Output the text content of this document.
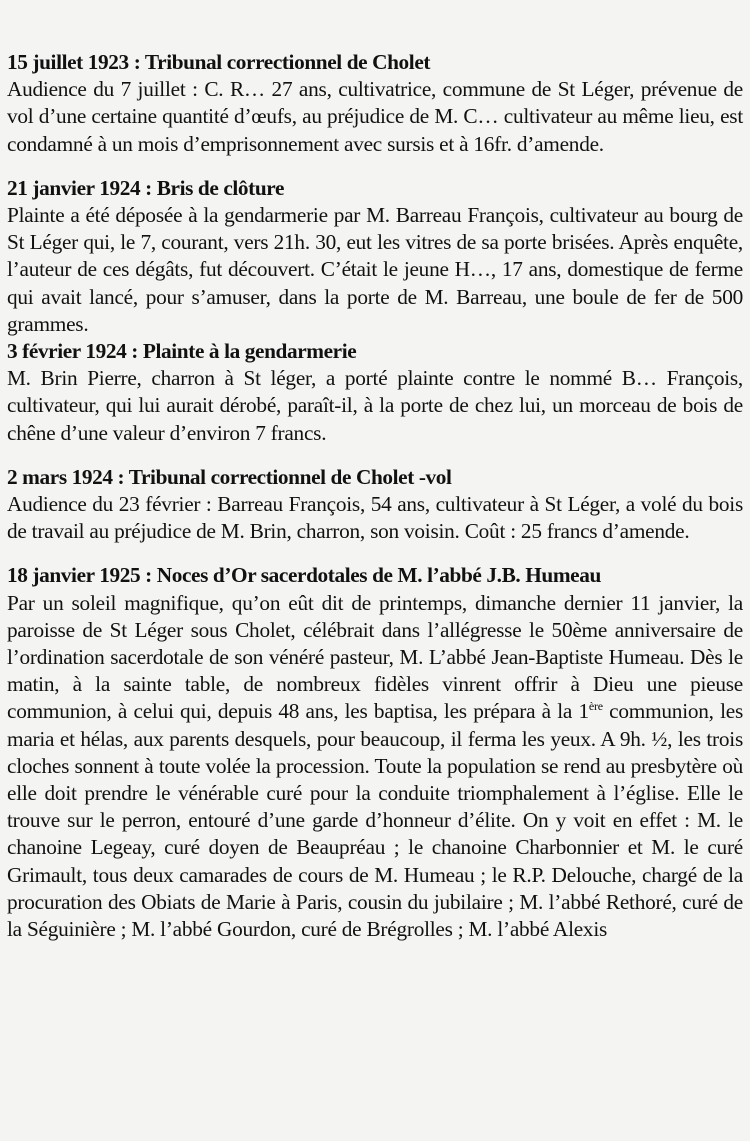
15 juillet 1923 : Tribunal correctionnel de Cholet

Audience du 7 juillet : C. R… 27 ans, cultivatrice, commune de St Léger, prévenue de vol d’une certaine quantité d’œufs, au préjudice de M. C… cultivateur au même lieu, est condamné à un mois d’emprisonnement avec sursis et à 16fr. d’amende.

21 janvier 1924 : Bris de clôture

Plainte a été déposée à la gendarmerie par M. Barreau François, cultivateur au bourg de St Léger qui, le 7, courant, vers 21h. 30, eut les vitres de sa porte brisées. Après enquête, l’auteur de ces dégâts, fut découvert. C’était le jeune H…, 17 ans, domestique de ferme qui avait lancé, pour s’amuser, dans la porte de M. Barreau, une boule de fer de 500 grammes.

3 février 1924 : Plainte à la gendarmerie

M. Brin Pierre, charron à St léger, a porté plainte contre le nommé B… François, cultivateur, qui lui aurait dérobé, paraît-il, à la porte de chez lui, un morceau de bois de chêne d’une valeur d’environ 7 francs.

2 mars 1924 : Tribunal correctionnel de Cholet -vol

Audience du 23 février : Barreau François, 54 ans, cultivateur à St Léger, a volé du bois de travail au préjudice de M. Brin, charron, son voisin. Coût : 25 francs d’amende.

18 janvier 1925 : Noces d’Or sacerdotales de M. l’abbé J.B. Humeau

Par un soleil magnifique, qu’on eût dit de printemps, dimanche dernier 11 janvier, la paroisse de St Léger sous Cholet, célébrait dans l’allégresse le 50ème anniversaire de l’ordination sacerdotale de son vénéré pasteur, M. L’abbé Jean-Baptiste Humeau. Dès le matin, à la sainte table, de nombreux fidèles vinrent offrir à Dieu une pieuse communion, à celui qui, depuis 48 ans, les baptisa, les prépara à la 1ère communion, les maria et hélas, aux parents desquels, pour beaucoup, il ferma les yeux. A 9h. ½, les trois cloches sonnent à toute volée la procession. Toute la population se rend au presbytère où elle doit prendre le vénérable curé pour la conduite triomphalement à l’église. Elle le trouve sur le perron, entouré d’une garde d’honneur d’élite. On y voit en effet : M. le chanoine Legeay, curé doyen de Beaupréau ; le chanoine Charbonnier et M. le curé Grimault, tous deux camarades de cours de M. Humeau ; le R.P. Delouche, chargé de la procuration des Obiats de Marie à Paris, cousin du jubilaire ; M. l’abbé Rethoré, curé de la Séguinière ; M. l’abbé Gourdon, curé de Brégrolles ; M. l’abbé Alexis
